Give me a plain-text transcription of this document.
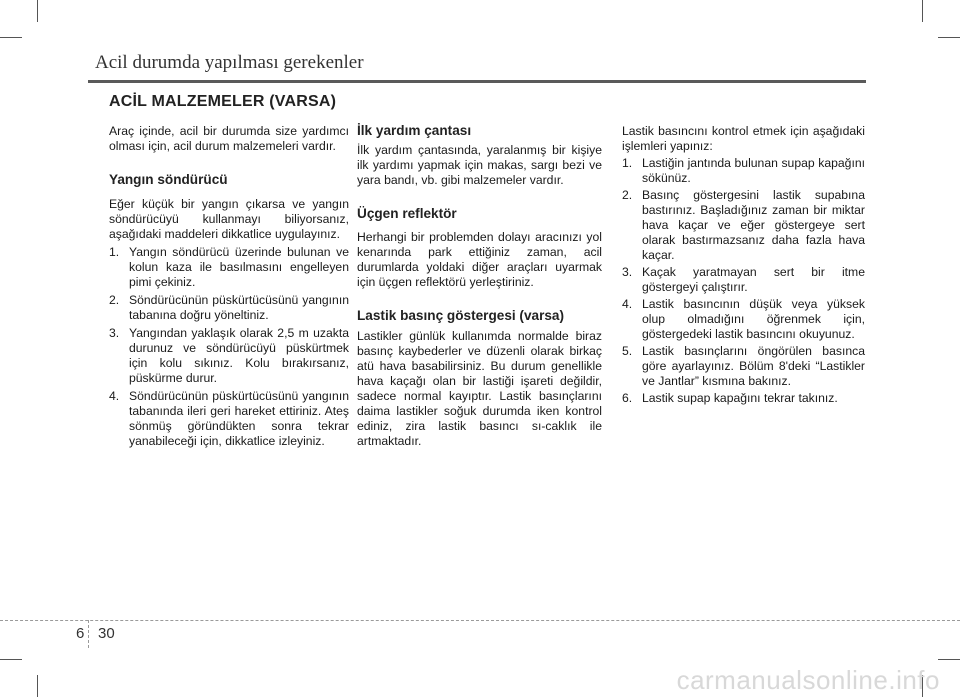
Acil durumda yapılması gerekenler
ACİL MALZEMELER (VARSA)

Araç içinde, acil bir durumda size yardımcı olması için, acil durum malzemeleri vardır.

Yangın söndürücü

Eğer küçük bir yangın çıkarsa ve yangın söndürücüyü kullanmayı biliyorsanız, aşağıdaki maddeleri dikkatlice uygulayınız.

1. Yangın söndürücü üzerinde bulunan ve kolun kaza ile basılmasını engelleyen pimi çekiniz.
2. Söndürücünün püskürtücüsünü yangının tabanına doğru yöneltiniz.
3. Yangından yaklaşık olarak 2,5 m uzakta durunuz ve söndürücüyü püskürtmek için kolu sıkınız. Kolu bırakırsanız, püskürme durur.
4. Söndürücünün püskürtücüsünü yangının tabanında ileri geri hareket ettiriniz. Ateş sönmüş göründükten sonra tekrar yanabileceği için, dikkatlice izleyiniz.
İlk yardım çantası

İlk yardım çantasında, yaralanmış bir kişiye ilk yardımı yapmak için makas, sargı bezi ve yara bandı, vb. gibi malzemeler vardır.

Üçgen reflektör

Herhangi bir problemden dolayı aracınızı yol kenarında park ettiğiniz zaman, acil durumlarda yoldaki diğer araçları uyarmak için üçgen reflektörü yerleştiriniz.

Lastik basınç göstergesi (varsa)

Lastikler günlük kullanımda normalde biraz basınç kaybederler ve düzenli olarak birkaç atü hava basabilirsiniz. Bu durum genellikle hava kaçağı olan bir lastiği işareti değildir, sadece normal kayıptır. Lastik basınçlarını daima lastikler soğuk durumda iken kontrol ediniz, zira lastik basıncı sı-caklık ile artmaktadır.

Lastik basıncını kontrol etmek için aşağıdaki işlemleri yapınız:

1. Lastiğin jantında bulunan supap kapağını sökünüz.
2. Basınç göstergesini lastik supabına bastırınız. Başladığınız zaman bir miktar hava kaçar ve eğer göstergeye sert olarak bastırmazsanız daha fazla hava kaçar.
3. Kaçak yaratmayan sert bir itme göstergeyi çalıştırır.
4. Lastik basıncının düşük veya yüksek olup olmadığını öğrenmek için, göstergedeki lastik basıncını okuyunuz.
5. Lastik basınçlarını öngörülen basınca göre ayarlayınız. Bölüm 8'deki “Lastikler ve Jantlar” kısmına bakınız.
6. Lastik supap kapağını tekrar takınız.
6 30
carmanualsonline.info
